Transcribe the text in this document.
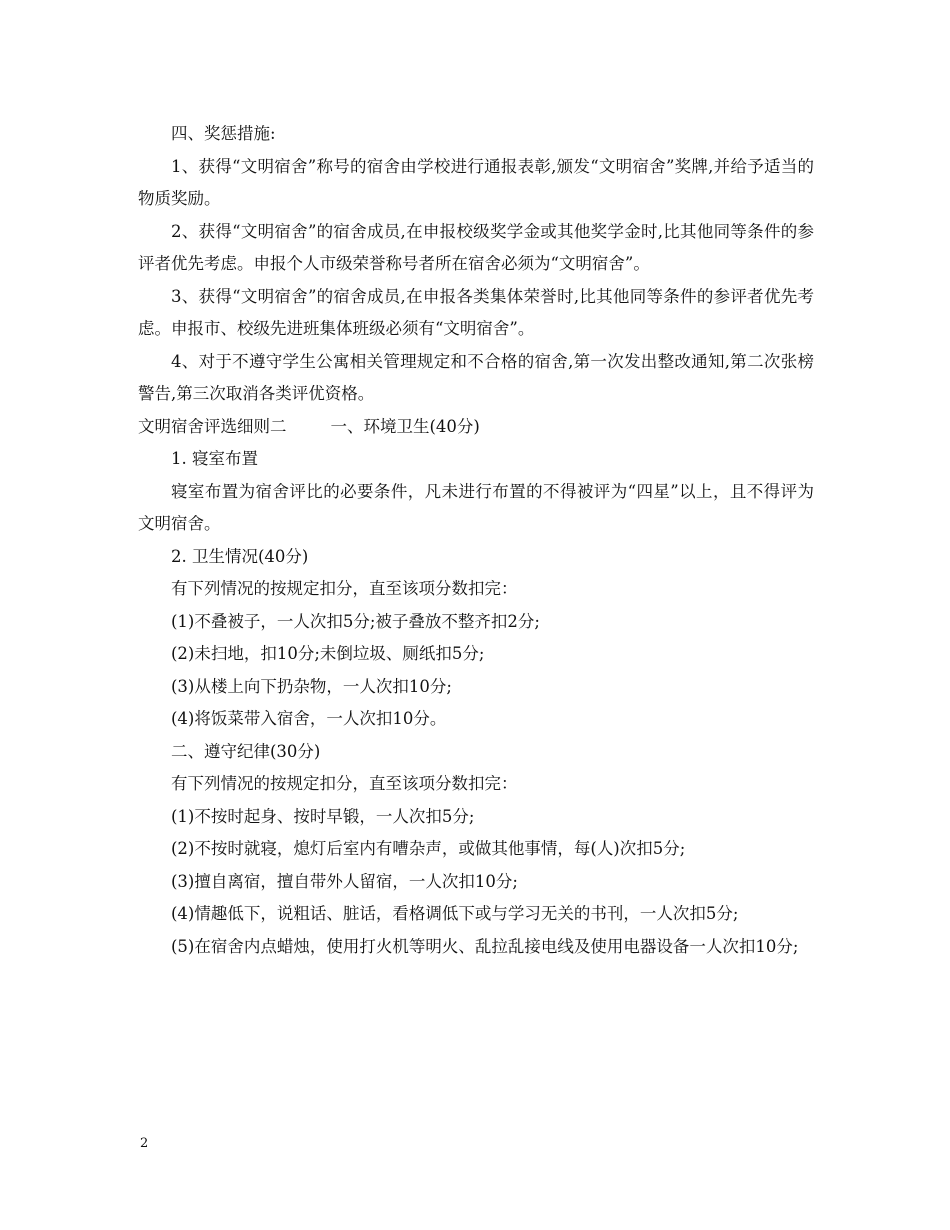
四、奖惩措施:

1、获得“文明宿舍”称号的宿舍由学校进行通报表彰,颁发“文明宿舍”奖牌,并给予适当的物质奖励。

2、获得“文明宿舍”的宿舍成员,在申报校级奖学金或其他奖学金时,比其他同等条件的参评者优先考虑。申报个人市级荣誉称号者所在宿舍必须为“文明宿舍”。

3、获得“文明宿舍”的宿舍成员,在申报各类集体荣誉时,比其他同等条件的参评者优先考虑。申报市、校级先进班集体班级必须有“文明宿舍”。

4、对于不遵守学生公寓相关管理规定和不合格的宿舍,第一次发出整改通知,第二次张榜警告,第三次取消各类评优资格。

文明宿舍评选细则二	一、环境卫生(40分)

1. 寝室布置

寝室布置为宿舍评比的必要条件，凡未进行布置的不得被评为“四星”以上，且不得评为文明宿舍。

2. 卫生情况(40分)

有下列情况的按规定扣分，直至该项分数扣完：

(1)不叠被子，一人次扣5分;被子叠放不整齐扣2分;

(2)未扫地，扣10分;未倒垃圾、厕纸扣5分;

(3)从楼上向下扔杂物，一人次扣10分;

(4)将饭菜带入宿舍，一人次扣10分。

二、遵守纪律(30分)

有下列情况的按规定扣分，直至该项分数扣完：

(1)不按时起身、按时早锻，一人次扣5分;

(2)不按时就寝，熄灯后室内有嘈杂声，或做其他事情，每(人)次扣5分;

(3)擅自离宿，擅自带外人留宿，一人次扣10分;

(4)情趣低下，说粗话、脏话，看格调低下或与学习无关的书刊，一人次扣5分;

(5)在宿舍内点蜡烛，使用打火机等明火、乱拉乱接电线及使用电器设备一人次扣10分;

2
